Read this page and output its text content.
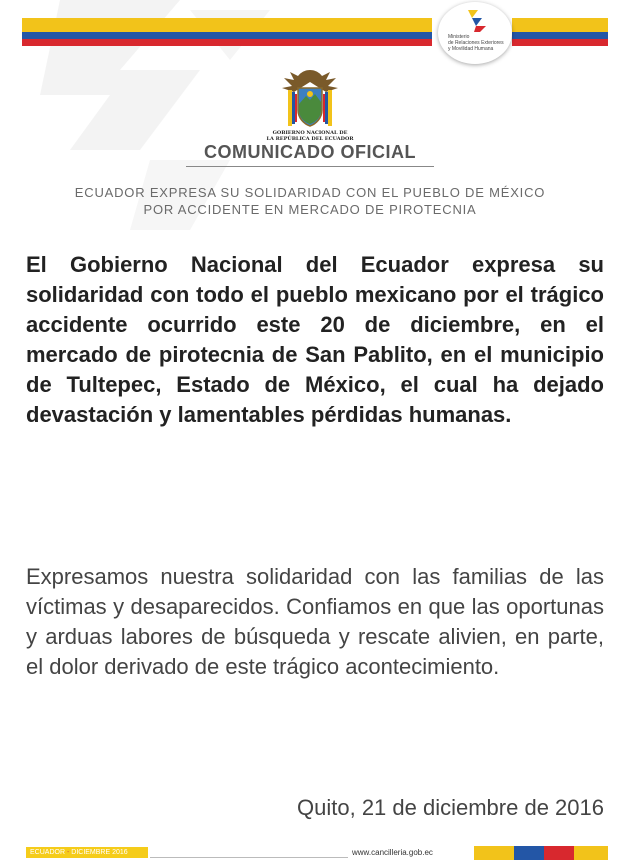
Ministerio
de Relaciones Exteriores
y Movilidad Humana
GOBIERNO NACIONAL DE
LA REPÚBLICA DEL ECUADOR
COMUNICADO OFICIAL
ECUADOR EXPRESA SU SOLIDARIDAD CON EL PUEBLO DE MÉXICO
POR ACCIDENTE EN MERCADO DE PIROTECNIA
El Gobierno Nacional del Ecuador expresa su solidaridad con todo el pueblo mexicano por el trágico accidente ocurrido este 20 de diciembre, en el mercado de pirotecnia de San Pablito, en el municipio de Tultepec, Estado de México, el cual ha dejado devastación y lamentables pérdidas humanas.
Expresamos nuestra solidaridad con las familias de las víctimas y desaparecidos. Confiamos en que las oportunas y arduas labores de búsqueda y rescate alivien, en parte, el dolor derivado de este trágico acontecimiento.
Quito, 21 de diciembre de 2016
ECUADOR - DICIEMBRE 2016	www.cancilleria.gob.ec
